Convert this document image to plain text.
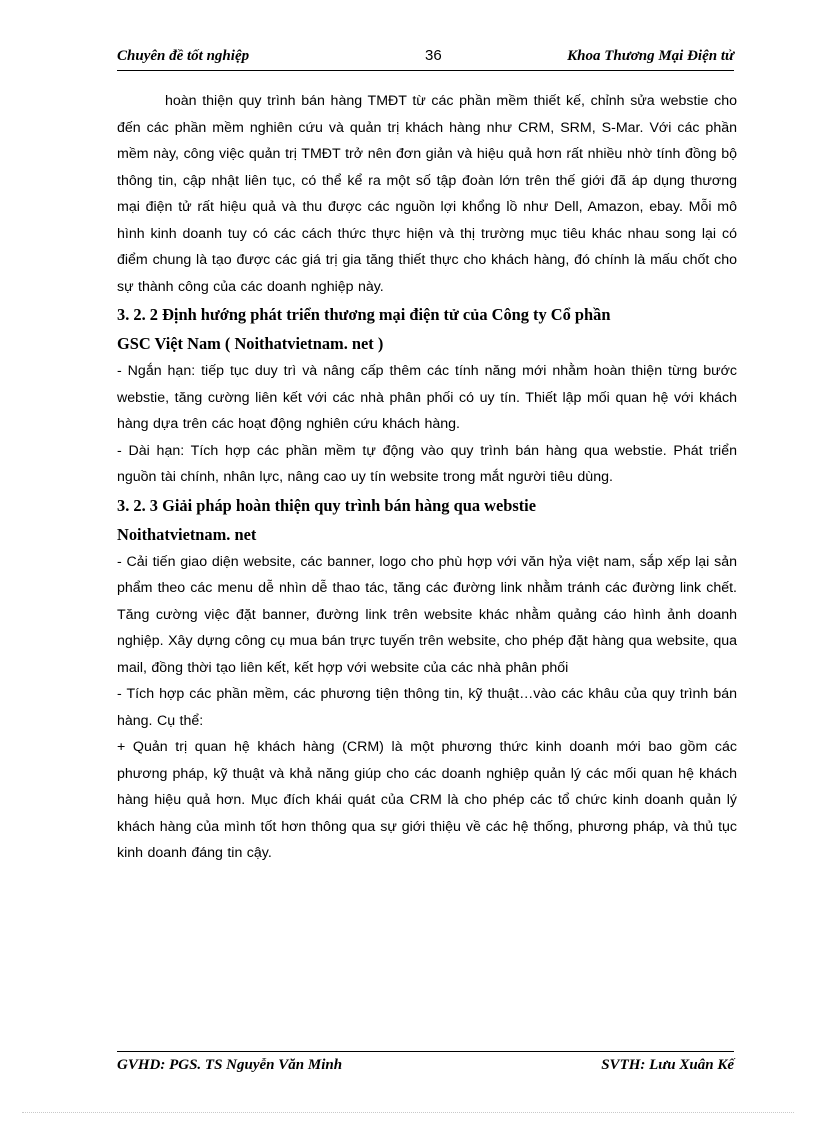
Chuyên đề tốt nghiệp	36	Khoa Thương Mại Điện tử

hoàn thiện quy trình bán hàng TMĐT từ các phần mềm thiết kế, chỉnh sửa webstie cho đến các phần mềm nghiên cứu và quản trị khách hàng như CRM, SRM, S-Mar. Với các phần mềm này, công việc quản trị TMĐT trở nên đơn giản và hiệu quả hơn rất nhiều nhờ tính đồng bộ thông tin, cập nhật liên tục, có thể kể ra một số tập đoàn lớn trên thế giới đã áp dụng thương mại điện tử rất hiệu quả và thu được các nguồn lợi khổng lồ như Dell, Amazon, ebay. Mỗi mô hình kinh doanh tuy có các cách thức thực hiện và thị trường mục tiêu khác nhau song lại có điểm chung là tạo được các giá trị gia tăng thiết thực cho khách hàng, đó chính là mấu chốt cho sự thành công của các doanh nghiệp này.

3. 2. 2 Định hướng phát triển thương mại điện tử của Công ty Cổ phần

GSC Việt Nam ( Noithatvietnam. net )

- Ngắn hạn: tiếp tục duy trì và nâng cấp thêm các tính năng mới nhằm hoàn thiện từng bước webstie, tăng cường liên kết với các nhà phân phối có uy tín. Thiết lập mối quan hệ với khách hàng dựa trên các hoạt động nghiên cứu khách hàng.

- Dài hạn: Tích hợp các phần mềm tự động vào quy trình bán hàng qua webstie. Phát triển nguồn tài chính, nhân lực, nâng cao uy tín website trong mắt người tiêu dùng.

3. 2. 3 Giải pháp hoàn thiện quy trình bán hàng qua webstie

Noithatvietnam. net

- Cải tiến giao diện website, các banner, logo cho phù hợp với văn hỷa việt nam, sắp xếp lại sản phẩm theo các menu dễ nhìn dễ thao tác, tăng các đường link nhằm tránh các đường link chết. Tăng cường việc đặt banner, đường link trên website khác nhằm quảng cáo hình ảnh doanh nghiệp. Xây dựng công cụ mua bán trực tuyến trên website, cho phép đặt hàng qua website, qua mail, đồng thời tạo liên kết, kết hợp với website của các nhà phân phối

- Tích hợp các phần mềm, các phương tiện thông tin, kỹ thuật…vào các khâu của quy trình bán hàng. Cụ thể:

+ Quản trị quan hệ khách hàng (CRM) là một phương thức kinh doanh mới bao gồm các phương pháp, kỹ thuật và khả năng giúp cho các doanh nghiệp quản lý các mối quan hệ khách hàng hiệu quả hơn. Mục đích khái quát của CRM là cho phép các tổ chức kinh doanh quản lý khách hàng của mình tốt hơn thông qua sự giới thiệu về các hệ thống, phương pháp, và thủ tục kinh doanh đáng tin cậy.

GVHD: PGS. TS Nguyễn Văn Minh	SVTH: Lưu Xuân Kế
